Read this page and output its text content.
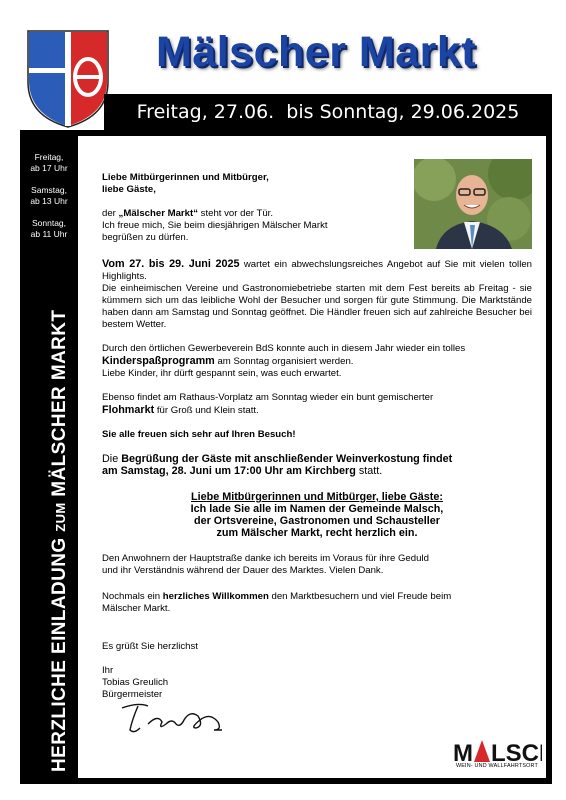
Mälscher Markt
Freitag, 27.06.  bis Sonntag, 29.06.2025
Freitag,
ab 17 Uhr
Samstag,
ab 13 Uhr
Sonntag,
ab 11 Uhr
HERZLICHE EINLADUNG ZUM MÄLSCHER MARKT

Liebe Mitbürgerinnen und Mitbürger,

liebe Gäste,

der „Mälscher Markt“ steht vor der Tür.

Ich freue mich, Sie beim diesjährigen Mälscher Markt

begrüßen zu dürfen.

Vom 27. bis 29. Juni 2025 wartet ein abwechslungsreiches Angebot auf Sie mit vielen tollen Highlights.

Die einheimischen Vereine und Gastronomiebetriebe starten mit dem Fest bereits ab Freitag - sie kümmern sich um das leibliche Wohl der Besucher und sorgen für gute Stimmung. Die Marktstände haben dann am Samstag und Sonntag geöffnet. Die Händler freuen sich auf zahlreiche Besucher bei bestem Wetter.

Durch den örtlichen Gewerbeverein BdS konnte auch in diesem Jahr wieder ein tolles

Kinderspaßprogramm am Sonntag organisiert werden.

Liebe Kinder, ihr dürft gespannt sein, was euch erwartet.

Ebenso findet am Rathaus-Vorplatz am Sonntag wieder ein bunt gemischerter

Flohmarkt für Groß und Klein statt.

Sie alle freuen sich sehr auf Ihren Besuch!

Die Begrüßung der Gäste mit anschließender Weinverkostung findet

am Samstag, 28. Juni um 17:00 Uhr am Kirchberg statt.

Liebe Mitbürgerinnen und Mitbürger, liebe Gäste:

Ich lade Sie alle im Namen der Gemeinde Malsch,

der Ortsvereine, Gastronomen und Schausteller

zum Mälscher Markt, recht herzlich ein.

Den Anwohnern der Hauptstraße danke ich bereits im Voraus für ihre Geduld

und ihr Verständnis während der Dauer des Marktes. Vielen Dank.

Nochmals ein herzliches Willkommen den Marktbesuchern und viel Freude beim

Mälscher Markt.

Es grüßt Sie herzlichst

Ihr

Tobias Greulich

Bürgermeister

M LSC
WEIN- UND WALLFAHRTSORT
